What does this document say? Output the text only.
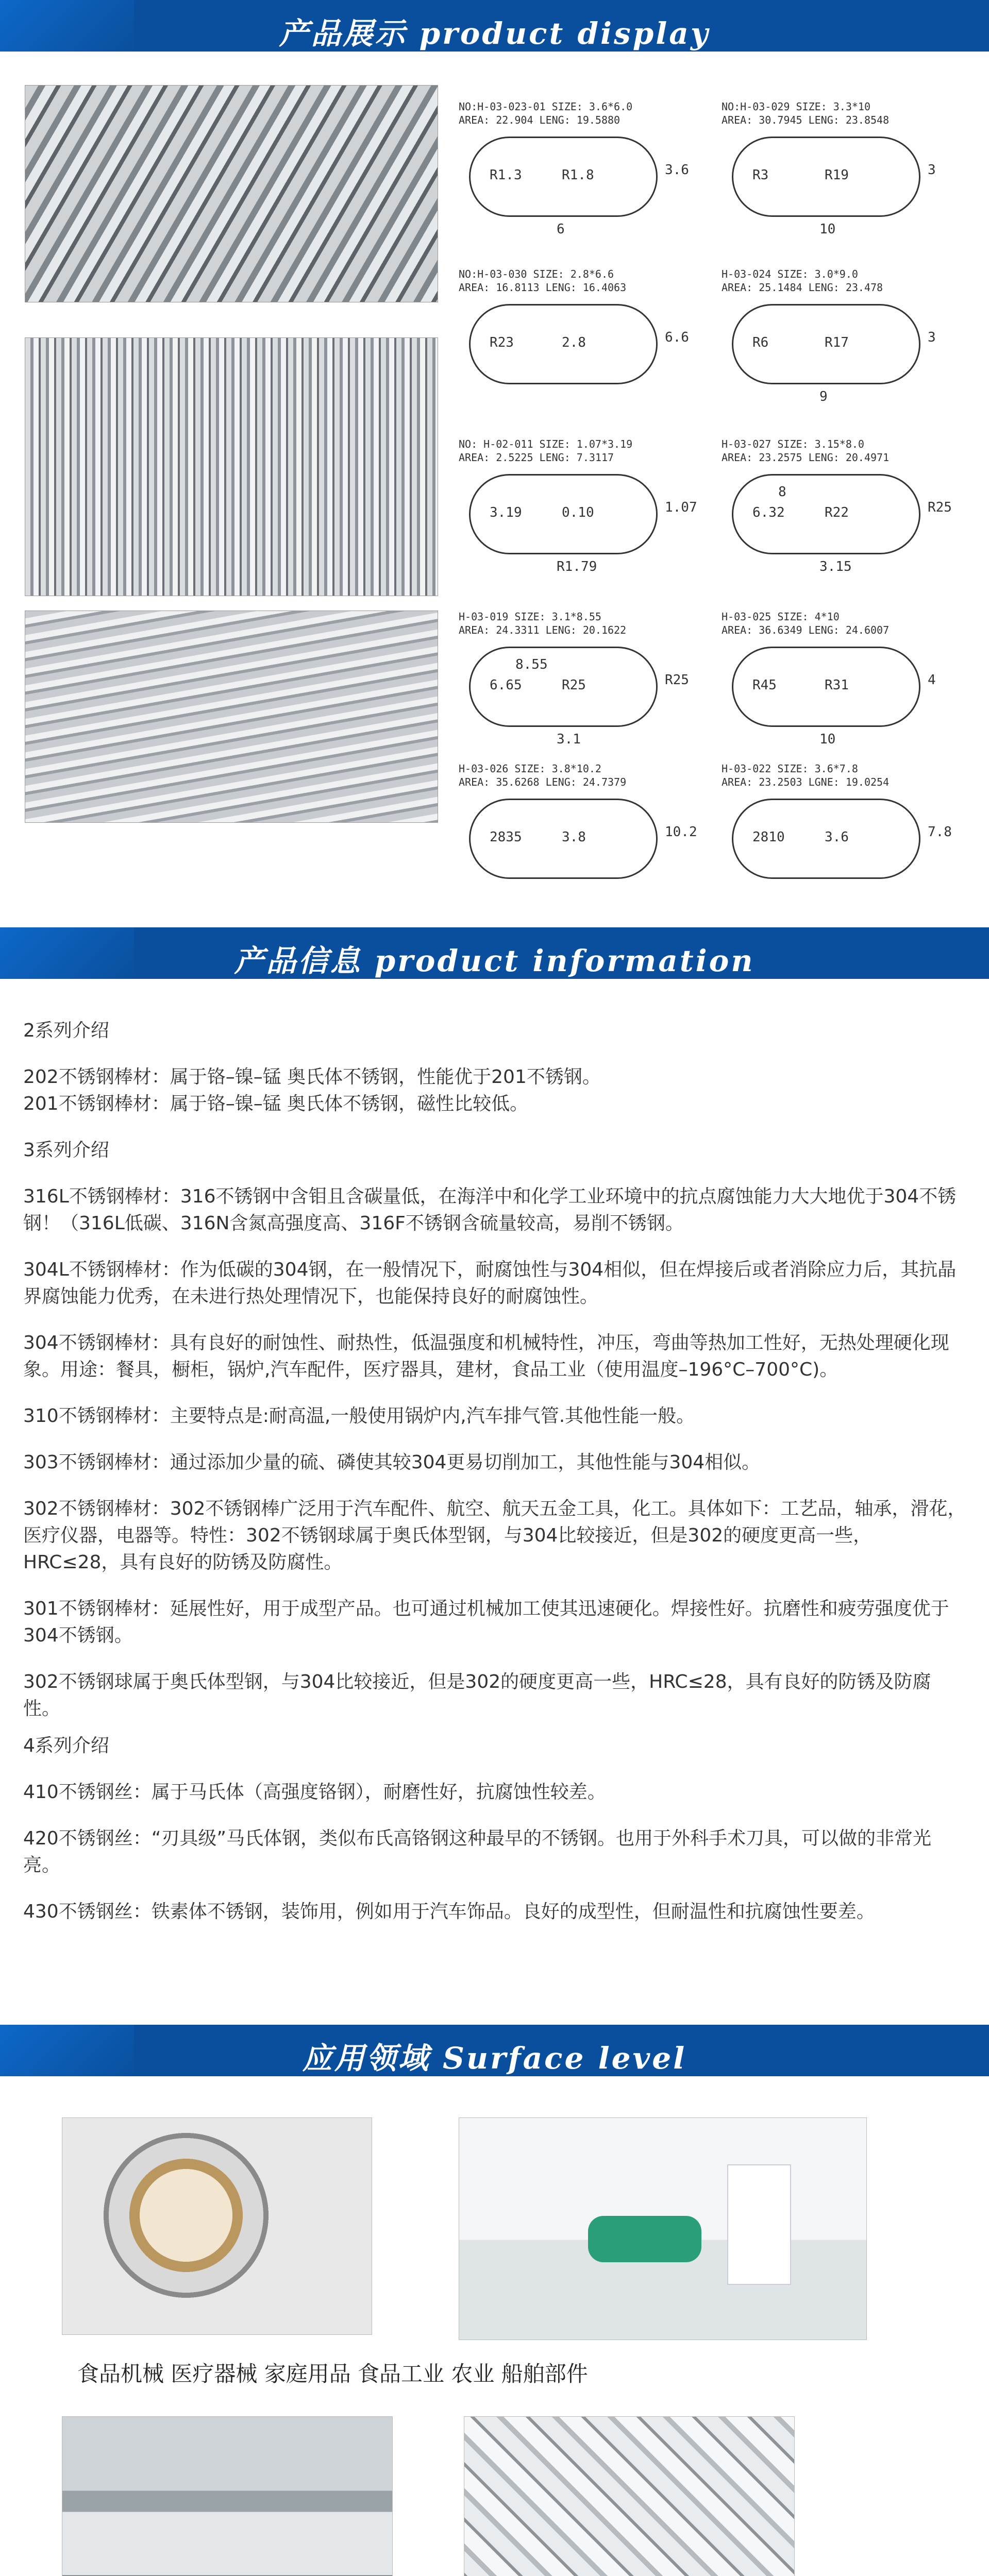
产品展示 product display
NO:H-03-023-01 SIZE: 3.6*6.0
AREA: 22.904 LENG: 19.5880
R1.3	R1.8	3.6
6
NO:H-03-029 SIZE: 3.3*10
AREA: 30.7945 LENG: 23.8548
R3	R19	3
10
NO:H-03-030 SIZE: 2.8*6.6
AREA: 16.8113 LENG: 16.4063
R23	2.8	6.6
H-03-024 SIZE: 3.0*9.0
AREA: 25.1484 LENG: 23.478
R6	R17	3
9
NO: H-02-011 SIZE: 1.07*3.19
AREA: 2.5225 LENG: 7.3117
3.19	0.10	1.07
R1.79
H-03-027 SIZE: 3.15*8.0
AREA: 23.2575 LENG: 20.4971
6.32	R22	R25
3.15
8
H-03-019 SIZE: 3.1*8.55
AREA: 24.3311 LENG: 20.1622
6.65	R25	R25
3.1
8.55
H-03-025 SIZE: 4*10
AREA: 36.6349 LENG: 24.6007
R45	R31	4
10
H-03-026 SIZE: 3.8*10.2
AREA: 35.6268 LENG: 24.7379
2835	3.8	10.2
H-03-022 SIZE: 3.6*7.8
AREA: 23.2503 LGNE: 19.0254
2810	3.6	7.8
产品信息 product information

2系列介绍

202不锈钢棒材：属于铬–镍–锰 奥氏体不锈钢，性能优于201不锈钢。

201不锈钢棒材：属于铬–镍–锰 奥氏体不锈钢，磁性比较低。

3系列介绍

316L不锈钢棒材：316不锈钢中含钼且含碳量低，在海洋中和化学工业环境中的抗点腐蚀能力大大地优于304不锈钢！（316L低碳、316N含氮高强度高、316F不锈钢含硫量较高，易削不锈钢。

304L不锈钢棒材：作为低碳的304钢，在一般情况下，耐腐蚀性与304相似，但在焊接后或者消除应力后，其抗晶界腐蚀能力优秀，在未进行热处理情况下，也能保持良好的耐腐蚀性。

304不锈钢棒材：具有良好的耐蚀性、耐热性，低温强度和机械特性，冲压，弯曲等热加工性好，无热处理硬化现象。用途：餐具，橱柜，锅炉,汽车配件，医疗器具，建材，食品工业（使用温度–196°C–700°C)。

310不锈钢棒材：主要特点是:耐高温,一般使用锅炉内,汽车排气管.其他性能一般。

303不锈钢棒材：通过添加少量的硫、磷使其较304更易切削加工，其他性能与304相似。

302不锈钢棒材：302不锈钢棒广泛用于汽车配件、航空、航天五金工具，化工。具体如下：工艺品，轴承，滑花，医疗仪器，电器等。特性：302不锈钢球属于奥氏体型钢，与304比较接近，但是302的硬度更高一些，HRC≤28，具有良好的防锈及防腐性。

301不锈钢棒材：延展性好，用于成型产品。也可通过机械加工使其迅速硬化。焊接性好。抗磨性和疲劳强度优于304不锈钢。

302不锈钢球属于奥氏体型钢，与304比较接近，但是302的硬度更高一些，HRC≤28，具有良好的防锈及防腐性。

4系列介绍

410不锈钢丝：属于马氏体（高强度铬钢），耐磨性好，抗腐蚀性较差。

420不锈钢丝：“刃具级”马氏体钢，类似布氏高铬钢这种最早的不锈钢。也用于外科手术刀具，可以做的非常光亮。

430不锈钢丝：铁素体不锈钢，装饰用，例如用于汽车饰品。良好的成型性，但耐温性和抗腐蚀性要差。

应用领域 Surface level
食品机械 医疗器械 家庭用品 食品工业 农业 船舶部件
